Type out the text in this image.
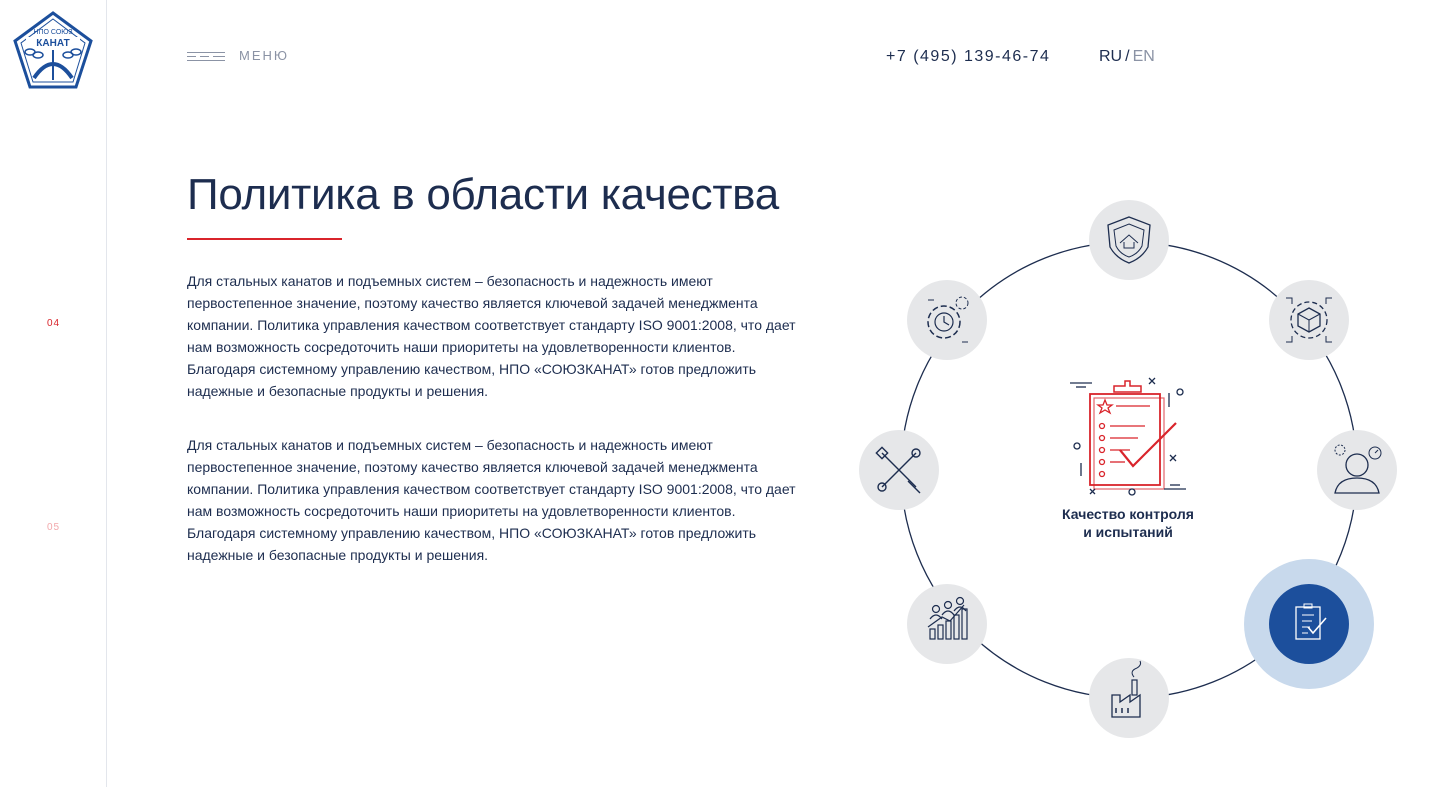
НПО СОЮЗ
КАНАТ
04
05
МЕНЮ	+7 (495) 139-46-74	RU / EN
Политика в области качества

Для стальных канатов и подъемных систем – безопасность и надежность имеют первостепенное значение, поэтому качество является ключевой задачей менеджмента компании. Политика управления качеством соответствует стандарту ISO 9001:2008, что дает нам возможность сосредоточить наши приоритеты на удовлетворенности клиентов. Благодаря системному управлению качеством, НПО «СОЮЗКАНАТ» готов предложить надежные и безопасные продукты и решения.

Для стальных канатов и подъемных систем – безопасность и надежность имеют первостепенное значение, поэтому качество является ключевой задачей менеджмента компании. Политика управления качеством соответствует стандарту ISO 9001:2008, что дает нам возможность сосредоточить наши приоритеты на удовлетворенности клиентов. Благодаря системному управлению качеством, НПО «СОЮЗКАНАТ» готов предложить надежные и безопасные продукты и решения.

Качество контроля и испытаний
